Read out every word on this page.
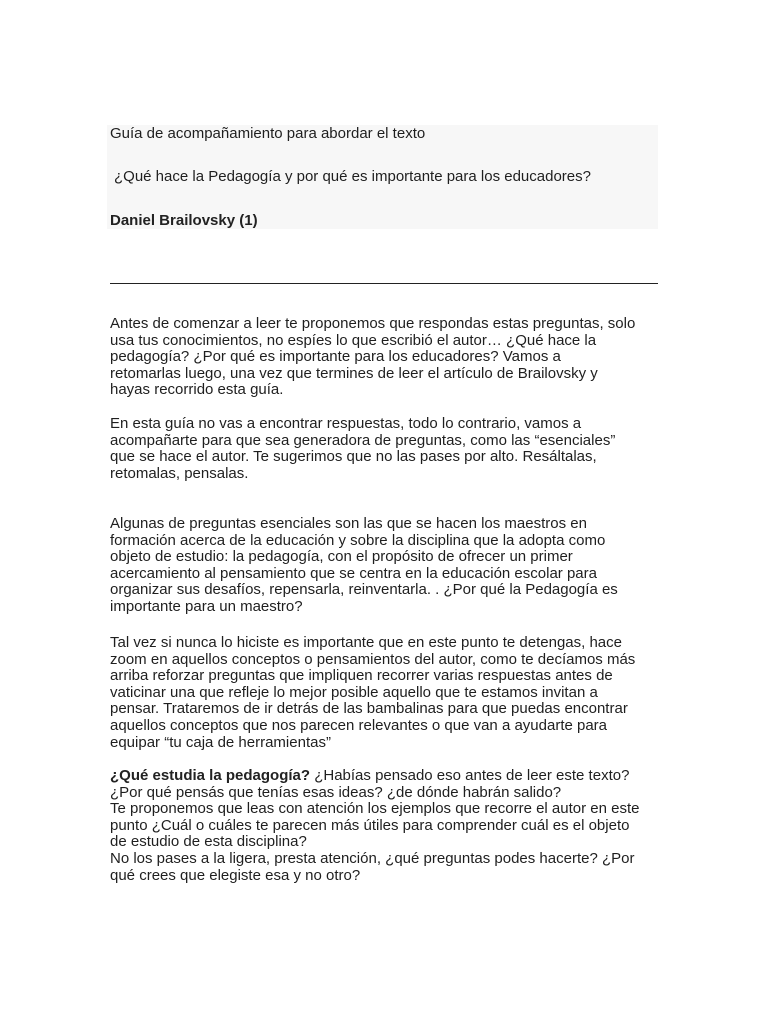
Guía de acompañamiento para abordar el texto
¿Qué hace la Pedagogía y por qué es importante para los educadores?
Daniel Brailovsky (1)
Antes de comenzar a leer te proponemos que respondas estas preguntas, solo
usa tus conocimientos, no espíes lo que escribió el autor… ¿Qué hace la
pedagogía? ¿Por qué es importante para los educadores? Vamos a
retomarlas luego, una vez que termines de leer el artículo de Brailovsky y
hayas recorrido esta guía.
En esta guía no vas a encontrar respuestas, todo lo contrario, vamos a
acompañarte para que sea generadora de preguntas, como las “esenciales”
que se hace el autor. Te sugerimos que no las pases por alto. Resáltalas,
retomalas, pensalas.
Algunas de preguntas esenciales son las que se hacen los maestros en
formación acerca de la educación y sobre la disciplina que la adopta como
objeto de estudio: la pedagogía, con el propósito de ofrecer un primer
acercamiento al pensamiento que se centra en la educación escolar para
organizar sus desafíos, repensarla, reinventarla. . ¿Por qué la Pedagogía es
importante para un maestro?
Tal vez si nunca lo hiciste es importante que en este punto te detengas, hace
zoom en aquellos conceptos o pensamientos del autor, como te decíamos más
arriba reforzar preguntas que impliquen recorrer varias respuestas antes de
vaticinar una que refleje lo mejor posible aquello que te estamos invitan a
pensar. Trataremos de ir detrás de las bambalinas para que puedas encontrar
aquellos conceptos que nos parecen relevantes o que van a ayudarte para
equipar “tu caja de herramientas”
¿Qué estudia la pedagogía? ¿Habías pensado eso antes de leer este texto?
¿Por qué pensás que tenías esas ideas? ¿de dónde habrán salido?
Te proponemos que leas con atención los ejemplos que recorre el autor en este
punto ¿Cuál o cuáles te parecen más útiles para comprender cuál es el objeto
de estudio de esta disciplina?
No los pases a la ligera, presta atención, ¿qué preguntas podes hacerte? ¿Por
qué crees que elegiste esa y no otro?
